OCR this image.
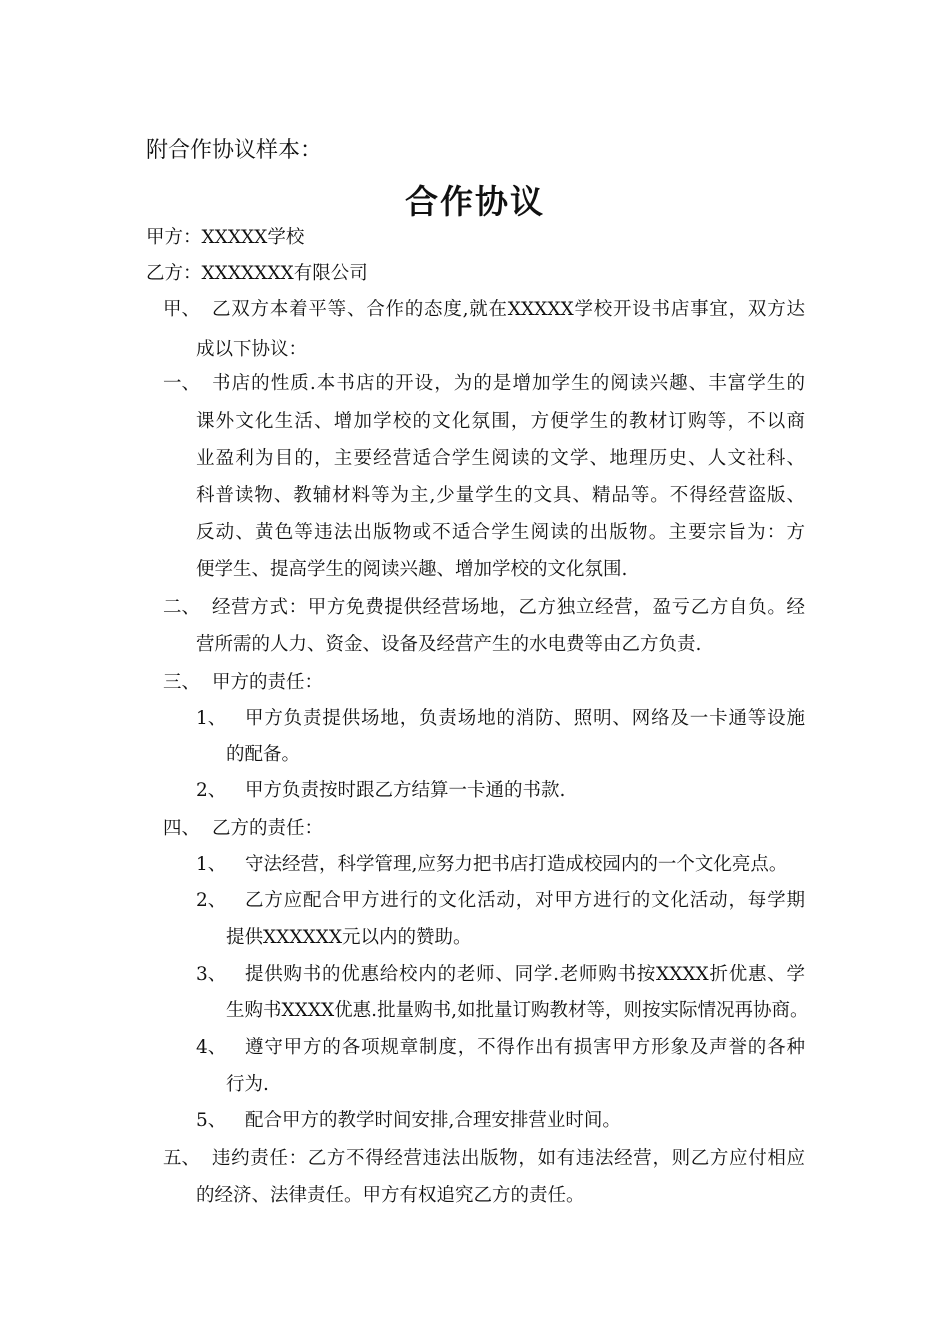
附合作协议样本：
合作协议
甲方：XXXXX学校
乙方：XXXXXXX有限公司
甲、 乙双方本着平等、合作的态度,就在XXXXX学校开设书店事宜，双方达
成以下协议：
一、 书店的性质.本书店的开设，为的是增加学生的阅读兴趣、丰富学生的
课外文化生活、增加学校的文化氛围，方便学生的教材订购等，不以商
业盈利为目的，主要经营适合学生阅读的文学、地理历史、人文社科、
科普读物、教辅材料等为主,少量学生的文具、精品等。不得经营盗版、
反动、黄色等违法出版物或不适合学生阅读的出版物。主要宗旨为：方
便学生、提高学生的阅读兴趣、增加学校的文化氛围.
二、 经营方式：甲方免费提供经营场地，乙方独立经营，盈亏乙方自负。经
营所需的人力、资金、设备及经营产生的水电费等由乙方负责.
三、 甲方的责任：
1、 甲方负责提供场地，负责场地的消防、照明、网络及一卡通等设施
的配备。
2、 甲方负责按时跟乙方结算一卡通的书款.
四、 乙方的责任：
1、 守法经营，科学管理,应努力把书店打造成校园内的一个文化亮点。
2、 乙方应配合甲方进行的文化活动，对甲方进行的文化活动，每学期
提供XXXXXX元以内的赞助。
3、 提供购书的优惠给校内的老师、同学.老师购书按XXXX折优惠、学
生购书XXXX优惠.批量购书,如批量订购教材等，则按实际情况再协商。
4、 遵守甲方的各项规章制度，不得作出有损害甲方形象及声誉的各种
行为.
5、 配合甲方的教学时间安排,合理安排营业时间。
五、 违约责任：乙方不得经营违法出版物，如有违法经营，则乙方应付相应
的经济、法律责任。甲方有权追究乙方的责任。
